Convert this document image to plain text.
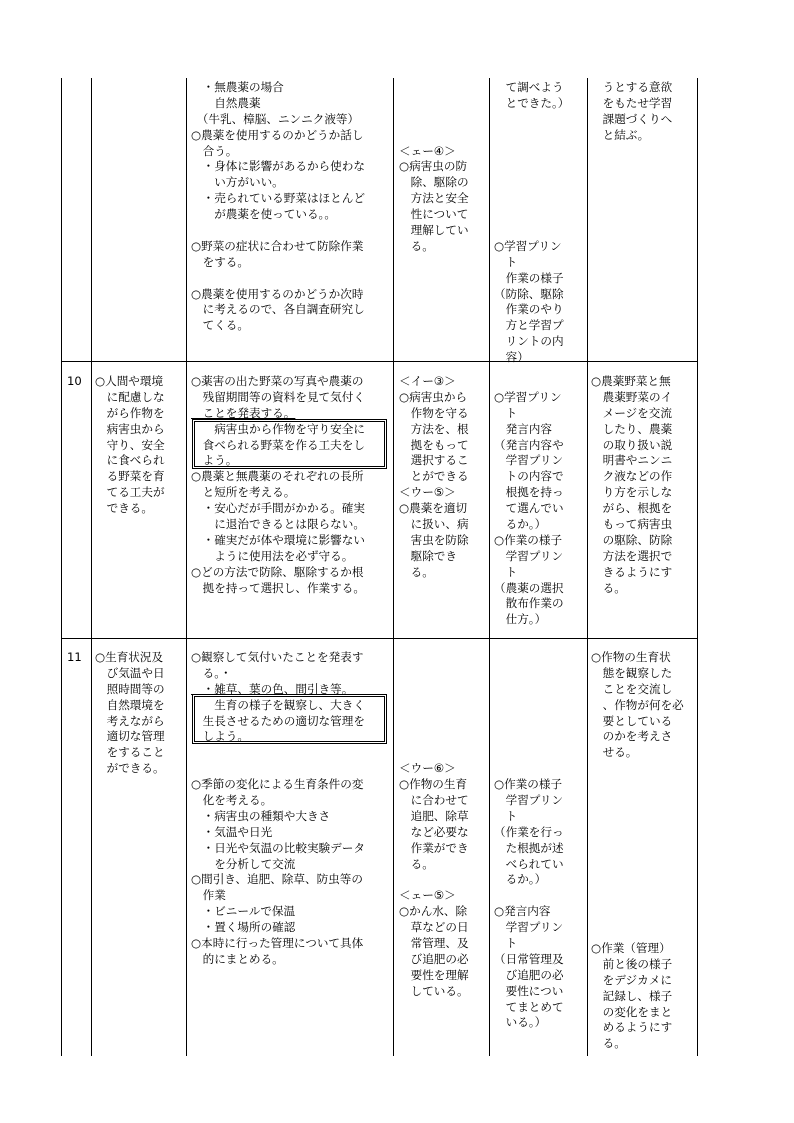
　・無農薬の場合
　　自然農薬
　（牛乳、樟脳、ニンニク液等）
○農薬を使用するのかどうか話し
　合う。
　・身体に影響があるから使わな
　　い方がいい。
　・売られている野菜はほとんど
　　が農薬を使っている。。
○野菜の症状に合わせて防除作業
　をする。
○農薬を使用するのかどうか次時
　に考えるので、各自調査研究し
　てくる。
＜ェー④＞
○病害虫の防
　除、駆除の
　方法と安全
　性について
　理解してい
　る。
　て調べよう
　とできた。）
○学習プリン
　ト
　作業の様子
（防除、駆除
　作業のやり
　方と学習プ
　リントの内
　容）
　うとする意欲
　をもたせ学習
　課題づくりへ
　と結ぶ。
10 ○人間や環境
　に配慮しな
　がら作物を
　病害虫から
　守り、安全
　に食べられ
　る野菜を育
　てる工夫が
　できる。
○薬害の出た野菜の写真や農薬の
　残留期間等の資料を見て気付く
　ことを発表する。
　　病害虫から作物を守り安全に
　食べられる野菜を作る工夫をし
　よう。
○農薬と無農薬のそれぞれの長所
　と短所を考える。
　・安心だが手間がかかる。確実
　　に退治できるとは限らない。
　・確実だが体や環境に影響ない
　　ように使用法を必ず守る。
○どの方法で防除、駆除するか根
　拠を持って選択し、作業する。
＜イー③＞
○病害虫から
　作物を守る
　方法を、根
　拠をもって
　選択するこ
　とができる
＜ウー⑤＞
○農薬を適切
　に扱い、病
　害虫を防除
　駆除でき
　る。
○学習プリン
　ト
　発言内容
（発言内容や
　学習プリン
　トの内容で
　根拠を持っ
　て選んでい
　るか。）
○作業の様子
　学習プリン
　ト
（農薬の選択
　散布作業の
　仕方。）
○農薬野菜と無
　農薬野菜のイ
　メージを交流
　したり、農薬
　の取り扱い説
　明書やニンニ
　ク液などの作
　り方を示しな
　がら、根拠を
　もって病害虫
　の駆除、防除
　方法を選択で
　きるようにす
　る。
11 ○生育状況及
　び気温や日
　照時間等の
　自然環境を
　考えながら
　適切な管理
　をすること
　ができる。
○観察して気付いたことを発表す
　る。・
　・雑草、葉の色、間引き等。
　　生育の様子を観察し、大きく
　生長させるための適切な管理を
　しよう。
○季節の変化による生育条件の変
　化を考える。
　・病害虫の種類や大きさ
　・気温や日光
　・日光や気温の比較実験データ
　　を分析して交流
○間引き、追肥、除草、防虫等の
　作業
　・ビニールで保温
　・置く場所の確認
○本時に行った管理について具体
　的にまとめる。
＜ウー⑥＞
○作物の生育
　に合わせて
　追肥、除草
　など必要な
　作業ができ
　る。
＜ェー⑤＞
○かん水、除
　草などの日
　常管理、及
　び追肥の必
　要性を理解
　している。
○作業の様子
　学習プリン
　ト
（作業を行っ
　た根拠が述
　べられてい
　るか。）
○発言内容
　学習プリン
　ト
（日常管理及
　び追肥の必
　要性につい
　てまとめて
　いる。）
○作物の生育状
　態を観察した
　ことを交流し
　、作物が何を必
　要としている
　のかを考えさ
　せる。
○作業（管理）
　前と後の様子
　をデジカメに
　記録し、様子
　の変化をまと
　めるようにす
　る。
